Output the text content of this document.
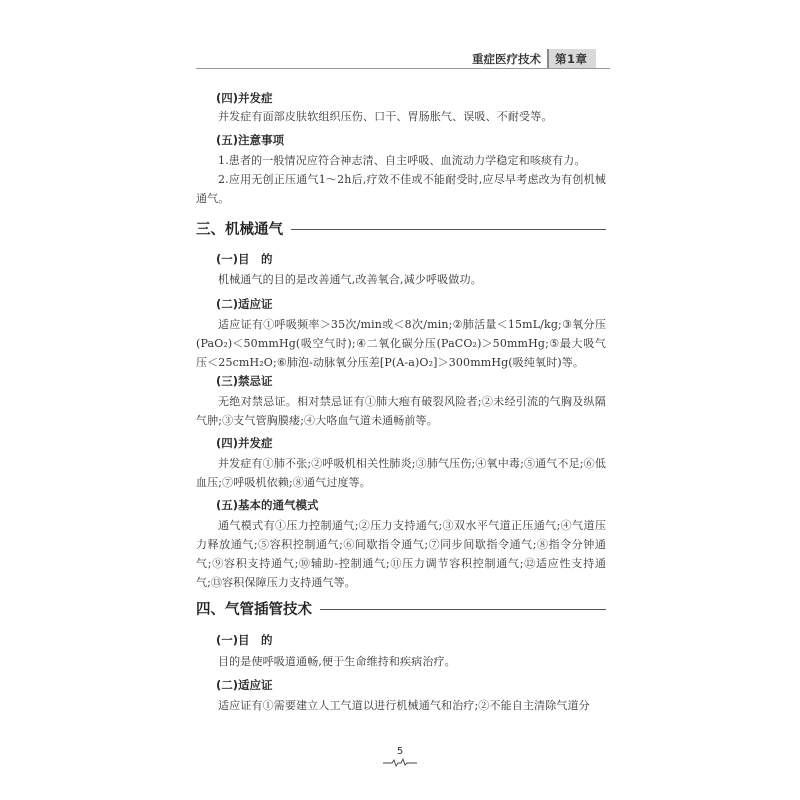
重症医疗技术	第1章
(四)并发症
并发症有面部皮肤软组织压伤、口干、胃肠胀气、误吸、不耐受等。
(五)注意事项
1.患者的一般情况应符合神志清、自主呼吸、血流动力学稳定和咳痰有力。
2.应用无创正压通气1～2h后,疗效不佳或不能耐受时,应尽早考虑改为有创机械通气。
三、机械通气
(一)目　的
机械通气的目的是改善通气,改善氧合,减少呼吸做功。
(二)适应证
适应证有①呼吸频率＞35次/min或＜8次/min;②肺活量＜15mL/kg;③氧分压(PaO₂)＜50mmHg(吸空气时);④二氧化碳分压(PaCO₂)＞50mmHg;⑤最大吸气压＜25cmH₂O;⑥肺泡-动脉氧分压差[P(A-a)O₂]＞300mmHg(吸纯氧时)等。
(三)禁忌证
无绝对禁忌证。相对禁忌证有①肺大疱有破裂风险者;②未经引流的气胸及纵隔气肿;③支气管胸膜瘘;④大咯血气道未通畅前等。
(四)并发症
并发症有①肺不张;②呼吸机相关性肺炎;③肺气压伤;④氧中毒;⑤通气不足;⑥低血压;⑦呼吸机依赖;⑧通气过度等。
(五)基本的通气模式
通气模式有①压力控制通气;②压力支持通气;③双水平气道正压通气;④气道压力释放通气;⑤容积控制通气;⑥间歇指令通气;⑦同步间歇指令通气;⑧指令分钟通气;⑨容积支持通气;⑩辅助-控制通气;⑪压力调节容积控制通气;⑫适应性支持通气;⑬容积保障压力支持通气等。
四、气管插管技术
(一)目　的
目的是使呼吸道通畅,便于生命维持和疾病治疗。
(二)适应证
适应证有①需要建立人工气道以进行机械通气和治疗;②不能自主清除气道分
5
